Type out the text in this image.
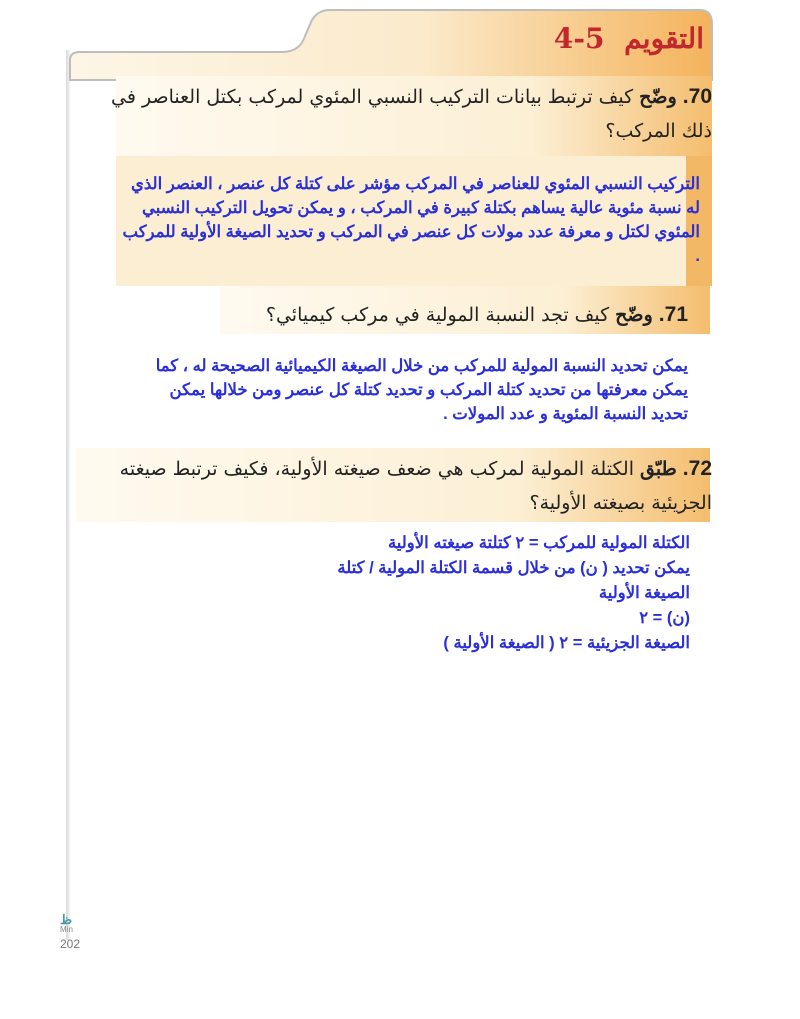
التقويم 5-4
70. وضّح كيف ترتبط بيانات التركيب النسبي المئوي لمركب بكتل العناصر في ذلك المركب؟
التركيب النسبي المئوي للعناصر في المركب مؤشر على كتلة كل عنصر ، العنصر الذي له نسبة مئوية عالية يساهم بكتلة كبيرة في المركب ، و يمكن تحويل التركيب النسبي المئوي لكتل و معرفة عدد مولات كل عنصر في المركب و تحديد الصيغة الأولية للمركب .
71. وضّح كيف تجد النسبة المولية في مركب كيميائي؟
يمكن تحديد النسبة المولية للمركب من خلال الصيغة الكيميائية الصحيحة له ، كما يمكن معرفتها من تحديد كتلة المركب و تحديد كتلة كل عنصر ومن خلالها يمكن تحديد النسبة المئوية و عدد المولات .
72. طبّق الكتلة المولية لمركب هي ضعف صيغته الأولية، فكيف ترتبط صيغته الجزيئية بصيغته الأولية؟
الكتلة المولية للمركب = ٢ كتلتة صيغته الأولية
يمكن تحديد ( ن) من خلال قسمة الكتلة المولية / كتلة الصيغة الأولية
(ن) = ٢
الصيغة الجزيئية = ٢ ( الصيغة الأولية )
ظ
Min
202
